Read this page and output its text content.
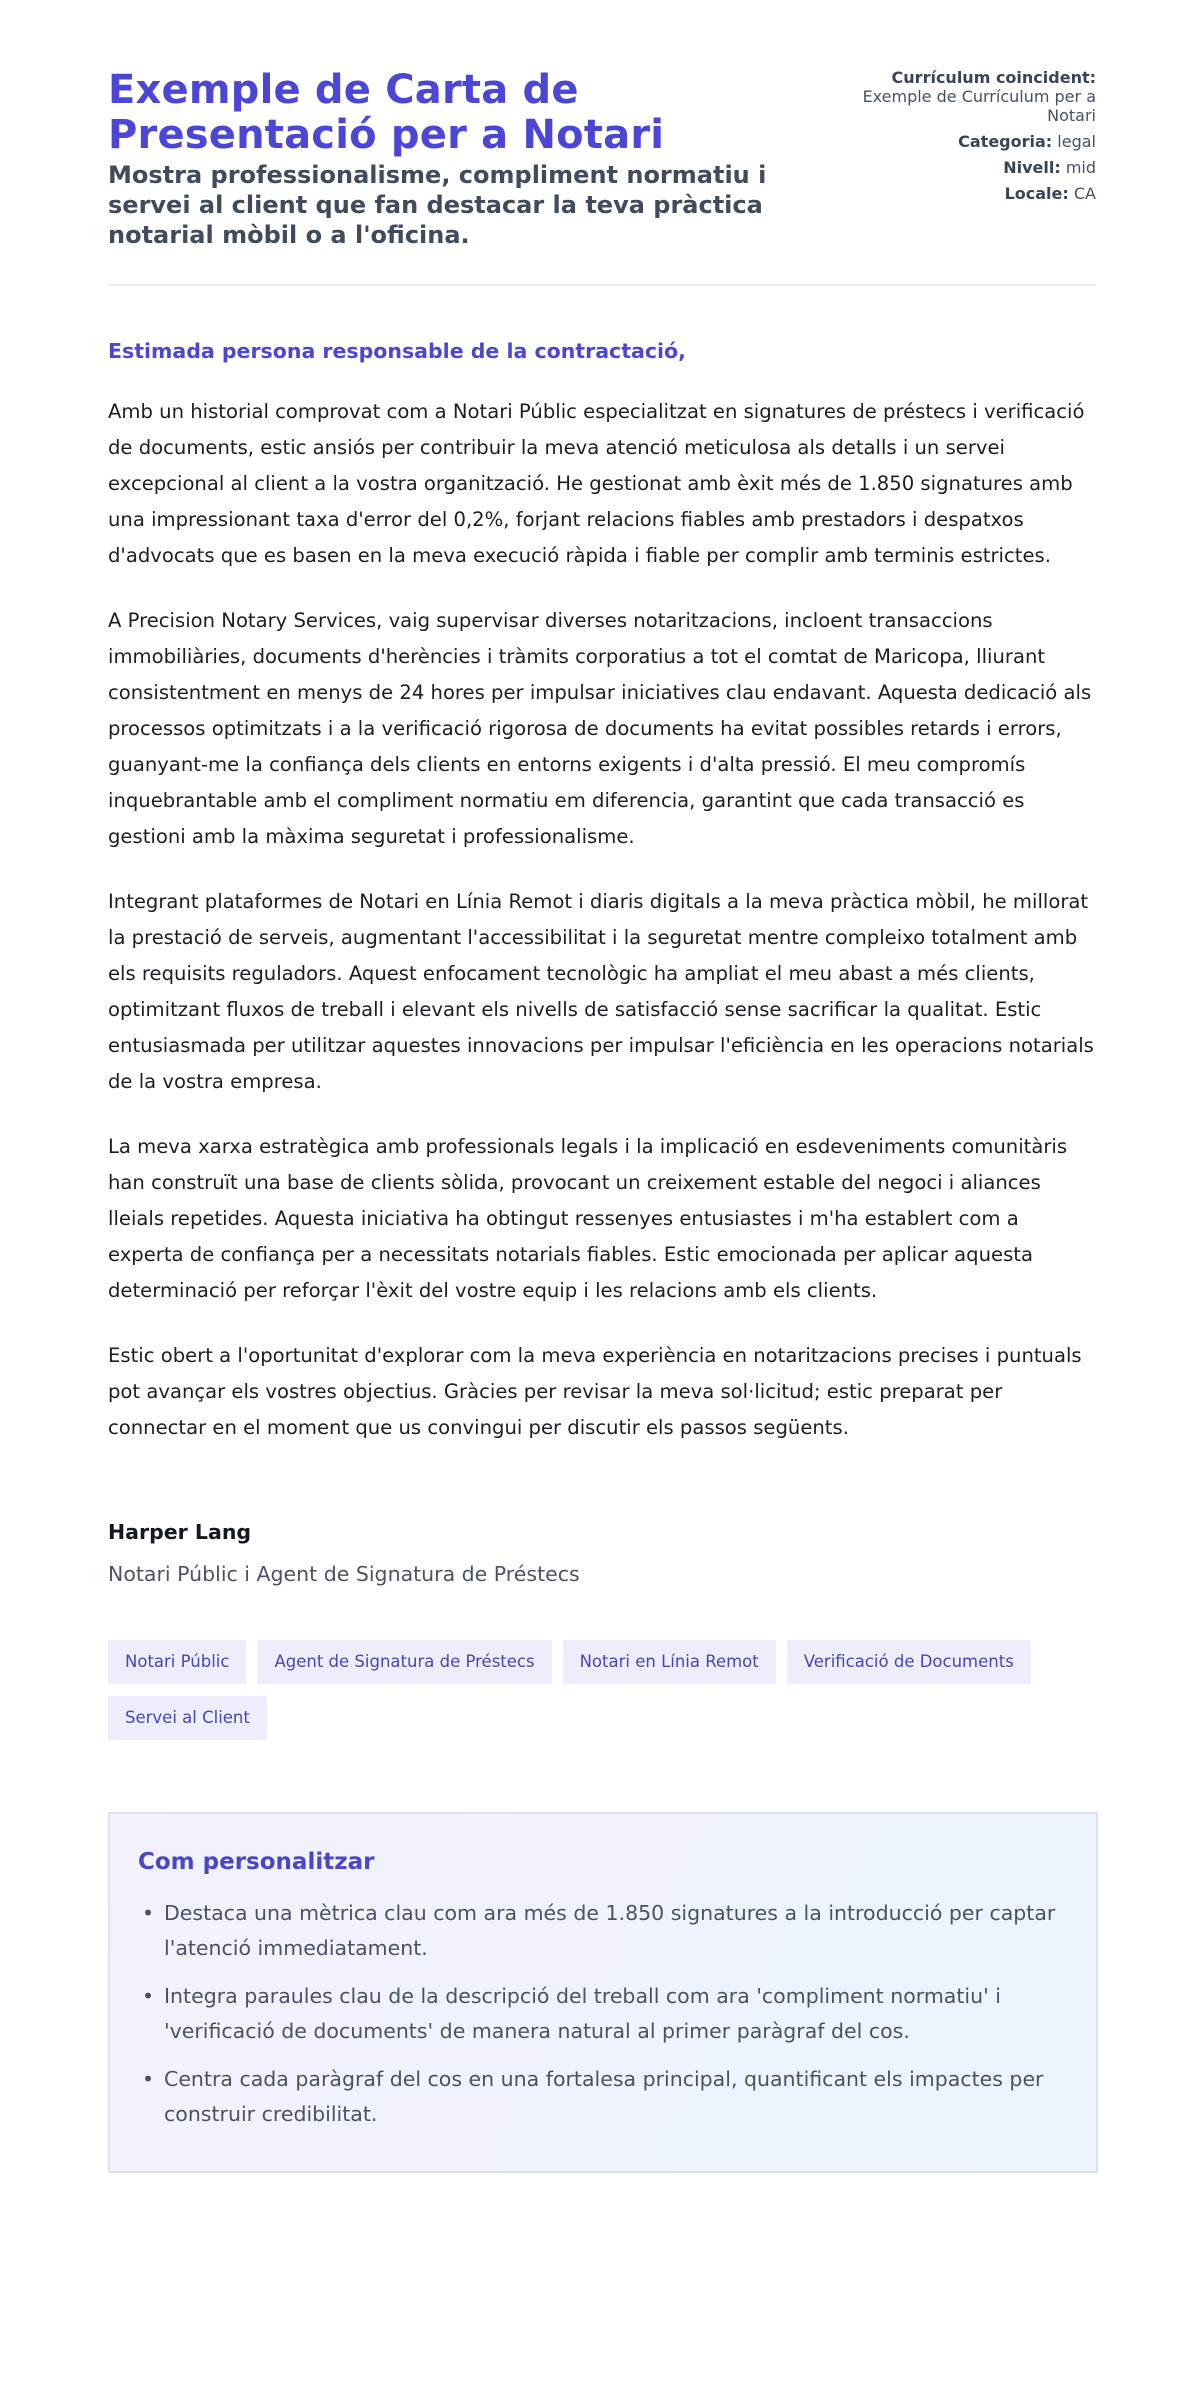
Exemple de Carta de Presentació per a Notari

Mostra professionalisme, compliment normatiu i servei al client que fan destacar la teva pràctica notarial mòbil o a l'oficina.

Currículum coincident: Exemple de Currículum per a Notari
Categoria: legal
Nivell: mid
Locale: CA
Estimada persona responsable de la contractació,

Amb un historial comprovat com a Notari Públic especialitzat en signatures de préstecs i verificació de documents, estic ansiós per contribuir la meva atenció meticulosa als detalls i un servei excepcional al client a la vostra organització. He gestionat amb èxit més de 1.850 signatures amb una impressionant taxa d'error del 0,2%, forjant relacions fiables amb prestadors i despatxos d'advocats que es basen en la meva execució ràpida i fiable per complir amb terminis estrictes.

A Precision Notary Services, vaig supervisar diverses notaritzacions, incloent transaccions immobiliàries, documents d'herències i tràmits corporatius a tot el comtat de Maricopa, lliurant consistentment en menys de 24 hores per impulsar iniciatives clau endavant. Aquesta dedicació als processos optimitzats i a la verificació rigorosa de documents ha evitat possibles retards i errors, guanyant-me la confiança dels clients en entorns exigents i d'alta pressió. El meu compromís inquebrantable amb el compliment normatiu em diferencia, garantint que cada transacció es gestioni amb la màxima seguretat i professionalisme.

Integrant plataformes de Notari en Línia Remot i diaris digitals a la meva pràctica mòbil, he millorat la prestació de serveis, augmentant l'accessibilitat i la seguretat mentre compleixo totalment amb els requisits reguladors. Aquest enfocament tecnològic ha ampliat el meu abast a més clients, optimitzant fluxos de treball i elevant els nivells de satisfacció sense sacrificar la qualitat. Estic entusiasmada per utilitzar aquestes innovacions per impulsar l'eficiència en les operacions notarials de la vostra empresa.

La meva xarxa estratègica amb professionals legals i la implicació en esdeveniments comunitàris han construït una base de clients sòlida, provocant un creixement estable del negoci i aliances lleials repetides. Aquesta iniciativa ha obtingut ressenyes entusiastes i m'ha establert com a experta de confiança per a necessitats notarials fiables. Estic emocionada per aplicar aquesta determinació per reforçar l'èxit del vostre equip i les relacions amb els clients.

Estic obert a l'oportunitat d'explorar com la meva experiència en notaritzacions precises i puntuals pot avançar els vostres objectius. Gràcies per revisar la meva sol·licitud; estic preparat per connectar en el moment que us convingui per discutir els passos següents.

Harper Lang
Notari Públic i Agent de Signatura de Préstecs
Notari Públic	Agent de Signatura de Préstecs	Notari en Línia Remot	Verificació de Documents
Servei al Client
Com personalitzar
• Destaca una mètrica clau com ara més de 1.850 signatures a la introducció per captar l'atenció immediatament.
• Integra paraules clau de la descripció del treball com ara 'compliment normatiu' i 'verificació de documents' de manera natural al primer paràgraf del cos.
• Centra cada paràgraf del cos en una fortalesa principal, quantificant els impactes per construir credibilitat.
